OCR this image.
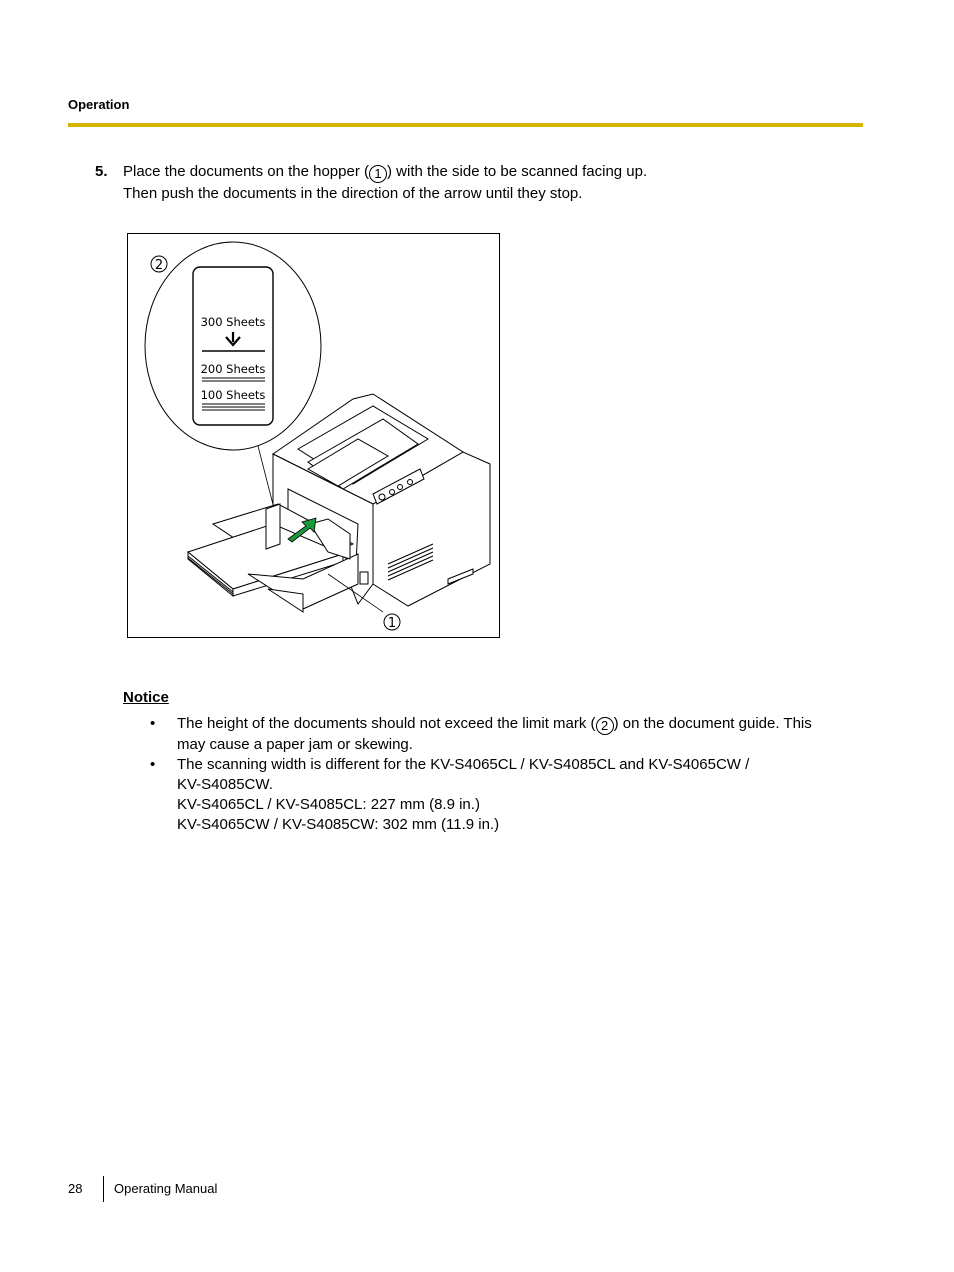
Operation
5. Place the documents on the hopper ( 1 ) with the side to be scanned facing up.
Then push the documents in the direction of the arrow until they stop.
300 Sheets
200 Sheets
100 Sheets
2
1
Notice
• The height of the documents should not exceed the limit mark ( 2 ) on the document guide. This
may cause a paper jam or skewing.
• The scanning width is different for the KV-S4065CL / KV-S4085CL and KV-S4065CW /
KV-S4085CW.
KV-S4065CL / KV-S4085CL: 227 mm (8.9 in.)
KV-S4065CW / KV-S4085CW: 302 mm (11.9 in.)
28 Operating Manual
